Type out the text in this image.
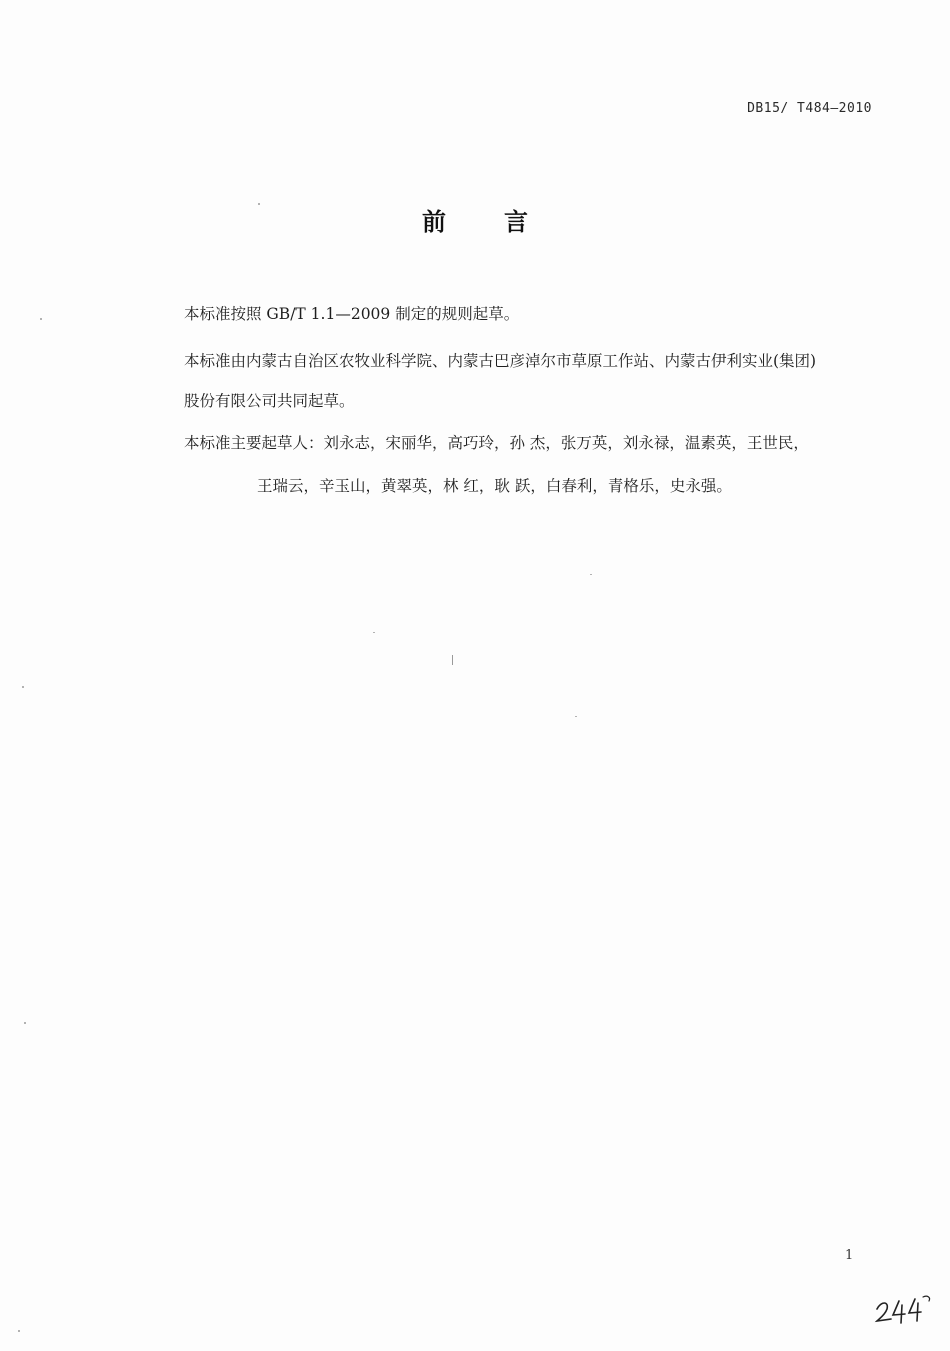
DB15/ T484—2010
前言
本标准按照 GB/T 1.1—2009 制定的规则起草。
本标准由内蒙古自治区农牧业科学院、内蒙古巴彦淖尔市草原工作站、内蒙古伊利实业(集团)
股份有限公司共同起草。
本标准主要起草人：刘永志，宋丽华，高巧玲，孙 杰，张万英，刘永禄，温素英，王世民，
王瑞云，辛玉山，黄翠英，林 红，耿 跃，白春利，青格乐，史永强。
1
